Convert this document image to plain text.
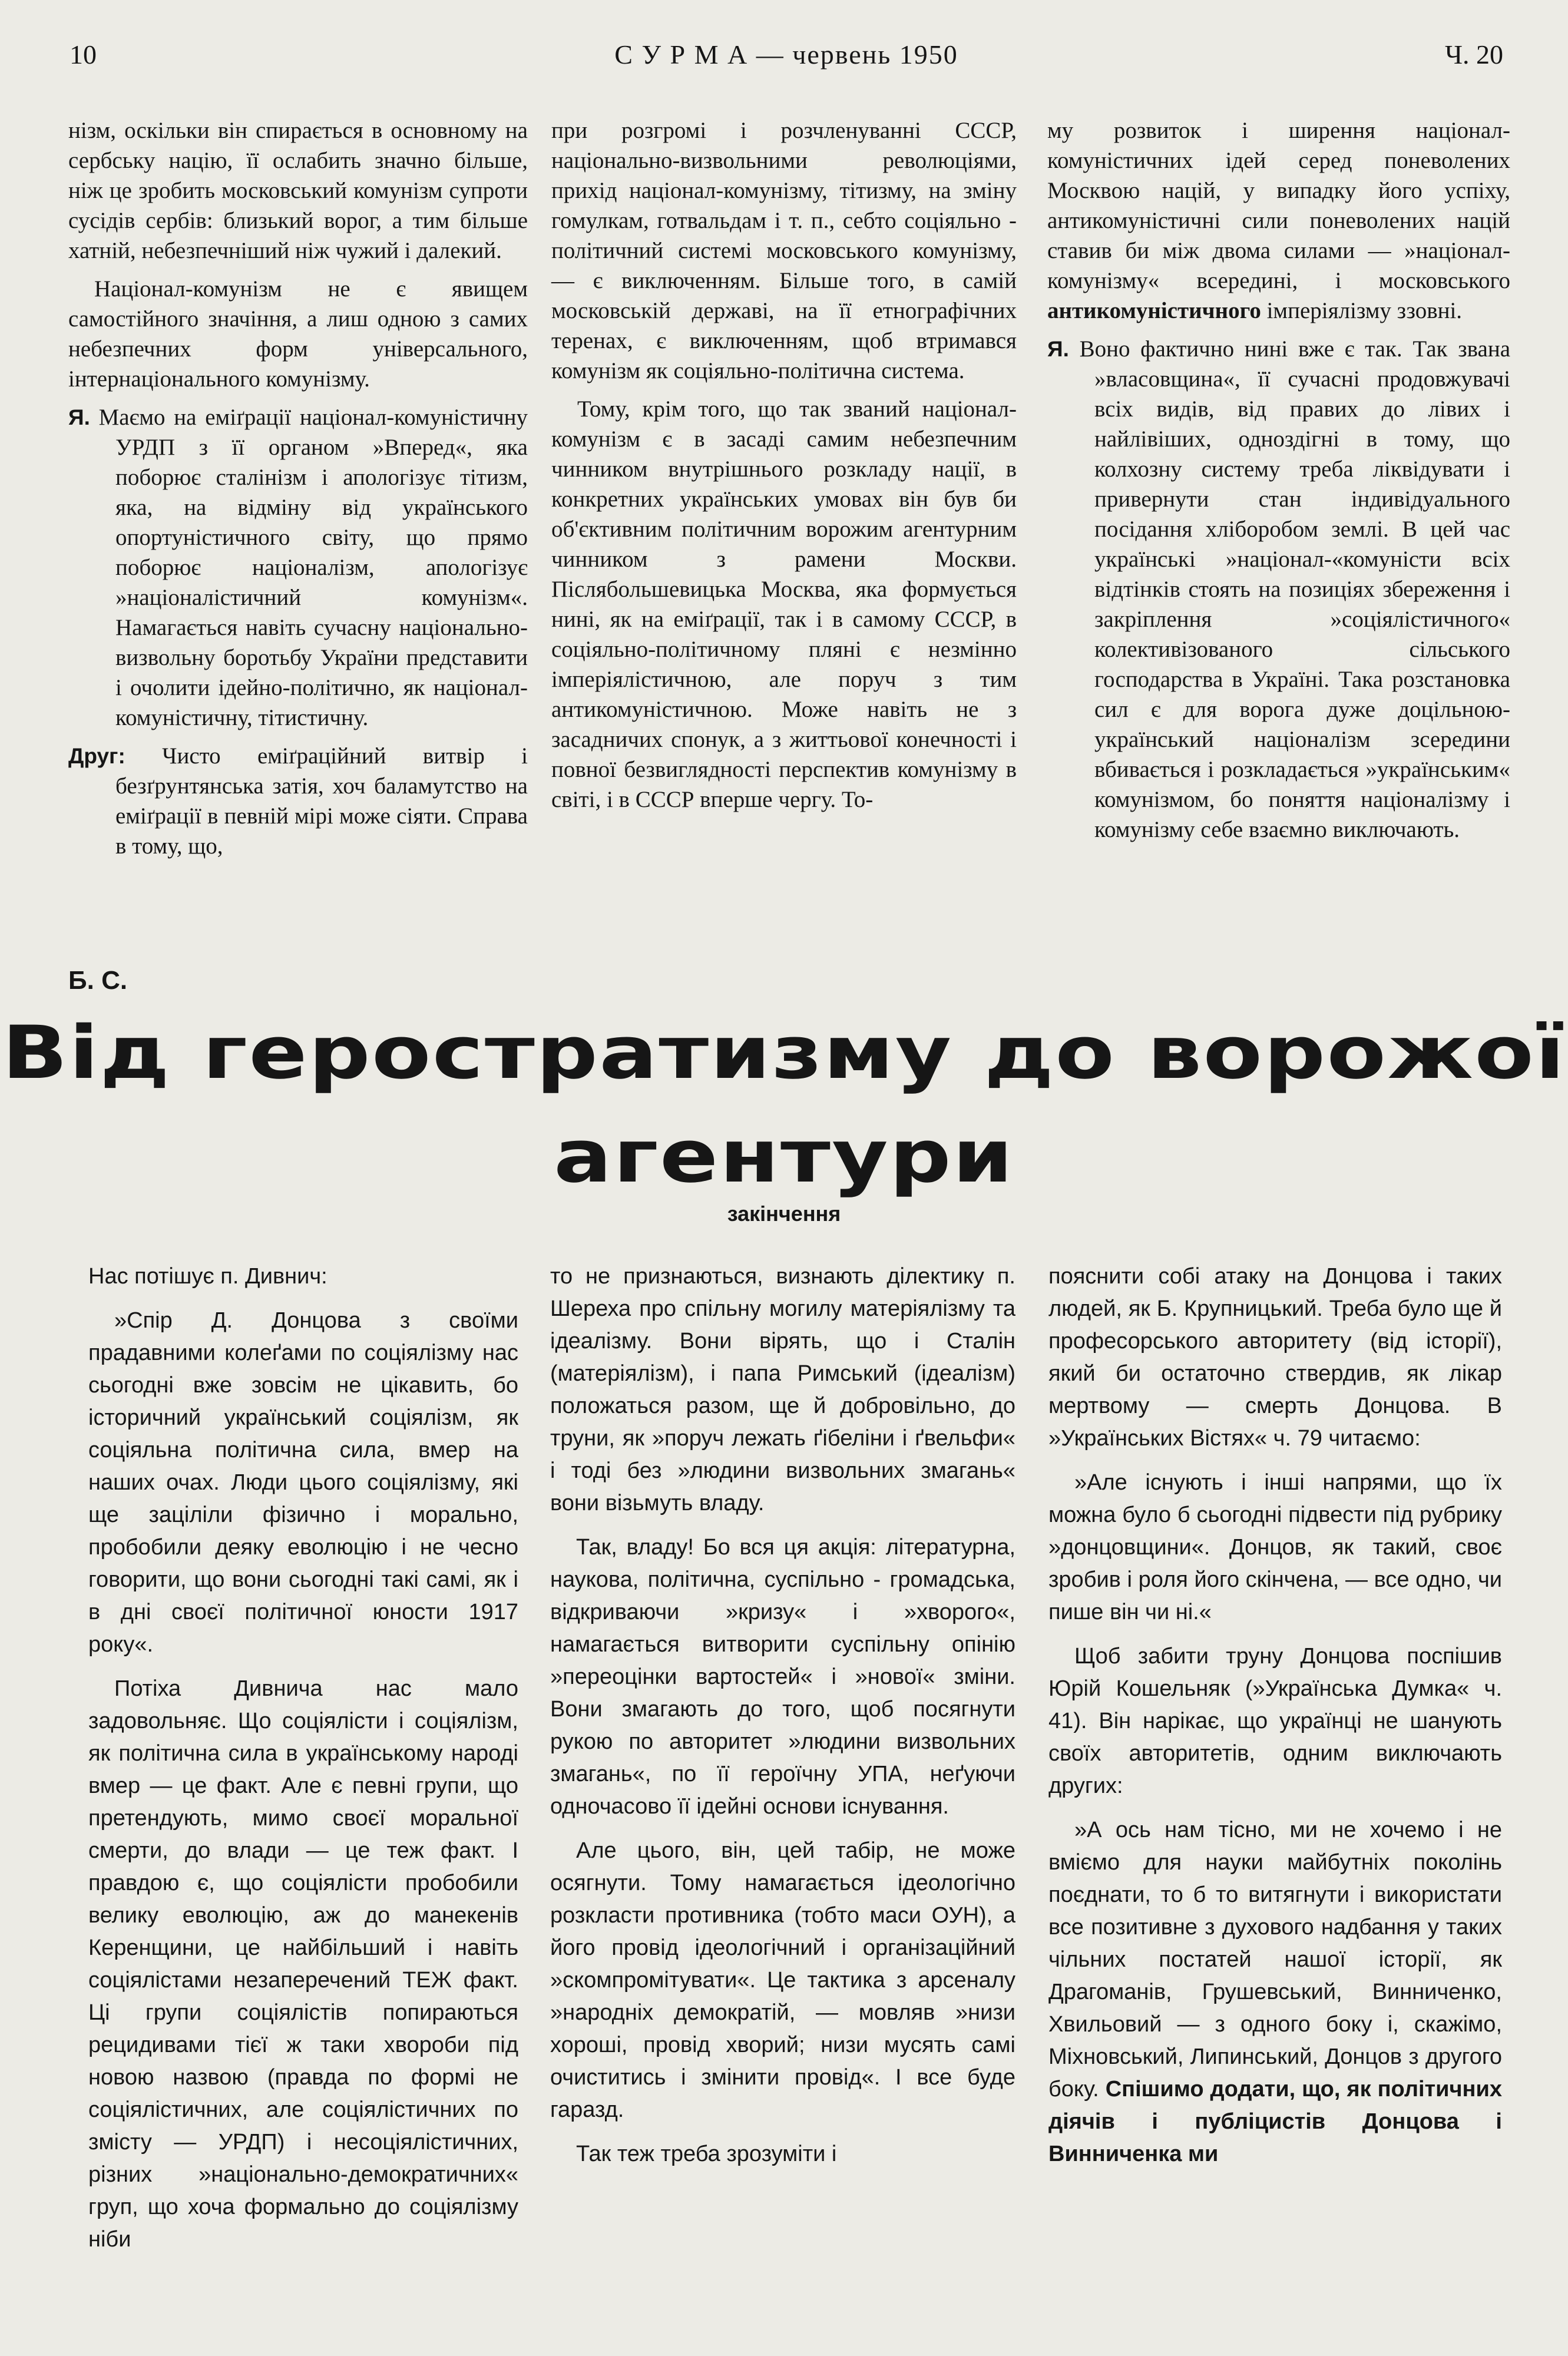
10	С У Р М А — червень 1950	Ч. 20

нізм, оскільки він спирається в основному на сербську націю, її ослабить значно більше, ніж це зробить московський комунізм супроти сусідів сербів: близький ворог, а тим більше хатній, небезпечніший ніж чужий і далекий.

Націонал-комунізм не є явищем самостійного значіння, а лиш одною з самих небезпечних форм універсального, інтернаціонального комунізму.

Я. Маємо на еміґрації націонал-комуністичну УРДП з її органом »Вперед«, яка поборює сталінізм і апологізує тітизм, яка, на відміну від українського опортуністичного світу, що прямо поборює націоналізм, апологізує »націоналістичний комунізм«. Намагається навіть сучасну національно-визвольну боротьбу України представити і очолити ідейно-політично, як націонал-комуністичну, тітистичну.

Друг: Чисто еміґраційний витвір і безґрунтянська затія, хоч баламутство на еміґрації в певній мірі може сіяти. Справа в тому, що,

при розгромі і розчленуванні СССР, національно-визвольними революціями, прихід націонал-комунізму, тітизму, на зміну гомулкам, готвальдам і т. п., себто соціяльно - політичний системі московського комунізму, — є виключенням. Більше того, в самій московській державі, на її етнографічних теренах, є виключенням, щоб втримався комунізм як соціяльно-політична система.

Тому, крім того, що так званий націонал-комунізм є в засаді самим небезпечним чинником внутрішнього розкладу нації, в конкретних українських умовах він був би об'єктивним політичним ворожим агентурним чинником з рамени Москви. Післябольшевицька Москва, яка формується нині, як на еміґрації, так і в самому СССР, в соціяльно-політичному пляні є незмінно імперіялістичною, але поруч з тим антикомуністичною. Може навіть не з засадничих спонук, а з життьової конечності і повної безвиглядності перспектив комунізму в світі, і в СССР вперше чергу. То-

му розвиток і ширення націонал-комуністичних ідей серед поневолених Москвою націй, у випадку його успіху, антикомуністичні сили поневолених націй ставив би між двома силами — »націонал-комунізму« всередині, і московського антикомуністичного імперіялізму ззовні.

Я. Воно фактично нині вже є так. Так звана »власовщина«, її сучасні продовжувачі всіх видів, від правих до лівих і найлівіших, одноздігні в тому, що колхозну систему треба ліквідувати і привернути стан індивідуального посідання хліборобом землі. В цей час українські »націонал-«комуністи всіх відтінків стоять на позиціях збереження і закріплення »соціялістичного« колективізованого сільського господарства в Україні. Така розстановка сил є для ворога дуже доцільною-український націоналізм зсередини вбивається і розкладається »українським« комунізмом, бо поняття націоналізму і комунізму себе взаємно виключають.

Б. С.
Від геростратизму до ворожої агентури
закінчення

Нас потішує п. Дивнич:

»Спір Д. Донцова з своїми прадавними колеґами по соціялізму нас сьогодні вже зовсім не цікавить, бо історичний український соціялізм, як соціяльна політична сила, вмер на наших очах. Люди цього соціялізму, які ще заціліли фізично і морально, пробобили деяку еволюцію і не чесно говорити, що вони сьогодні такі самі, як і в дні своєї політичної юности 1917 року«.

Потіха Дивнича нас мало задовольняє. Що соціялісти і соціялізм, як політична сила в українському народі вмер — це факт. Але є певні групи, що претендують, мимо своєї моральної смерти, до влади — це теж факт. І правдою є, що соціялісти пробобили велику еволюцію, аж до манекенів Керенщини, це найбільший і навіть соціялістами незаперечений ТЕЖ факт. Ці групи соціялістів попираються рецидивами тієї ж таки хвороби під новою назвою (правда по формі не соціялістичних, але соціялістичних по змісту — УРДП) і несоціялістичних, різних »національно-демократичних« груп, що хоча формально до соціялізму ніби

то не признаються, визнають ділектику п. Шереха про спільну могилу матеріялізму та ідеалізму. Вони вірять, що і Сталін (матеріялізм), і папа Римський (ідеалізм) положаться разом, ще й добровільно, до труни, як »поруч лежать ґібеліни і ґвельфи« і тоді без »людини визвольних змагань« вони візьмуть владу.

Так, владу! Бо вся ця акція: літературна, наукова, політична, суспільно - громадська, відкриваючи »кризу« і »хворого«, намагається витворити суспільну опінію »переоцінки вартостей« і »нової« зміни. Вони змагають до того, щоб посягнути рукою по авторитет »людини визвольних змагань«, по її героїчну УПА, неґуючи одночасово її ідейні основи існування.

Але цього, він, цей табір, не може осягнути. Тому намагається ідеологічно розкласти противника (тобто маси ОУН), а його провід ідеологічний і організаційний »скомпромітувати«. Це тактика з арсеналу »народніх демократій, — мовляв »низи хороші, провід хворий; низи мусять самі очиститись і змінити провід«. І все буде гаразд.

Так теж треба зрозуміти і

пояснити собі атаку на Донцова і таких людей, як Б. Крупницький. Треба було ще й професорського авторитету (від історії), який би остаточно ствердив, як лікар мертвому — смерть Донцова. В »Українських Вістях« ч. 79 читаємо:

»Але існують і інші напрями, що їх можна було б сьогодні підвести під рубрику »донцовщини«. Донцов, як такий, своє зробив і роля його скінчена, — все одно, чи пише він чи ні.«

Щоб забити труну Донцова поспішив Юрій Кошельняк (»Українська Думка« ч. 41). Він нарікає, що українці не шанують своїх авторитетів, одним виключають других:

»А ось нам тісно, ми не хочемо і не вміємо для науки майбутніх поколінь поєднати, то б то витягнути і використати все позитивне з духового надбання у таких чільних постатей нашої історії, як Драгоманів, Грушевський, Винниченко, Хвильовий — з одного боку і, скажімо, Міхновський, Липинський, Донцов з другого боку. Спішимо додати, що, як політичних діячів і публіцистів Донцова і Винниченка ми
